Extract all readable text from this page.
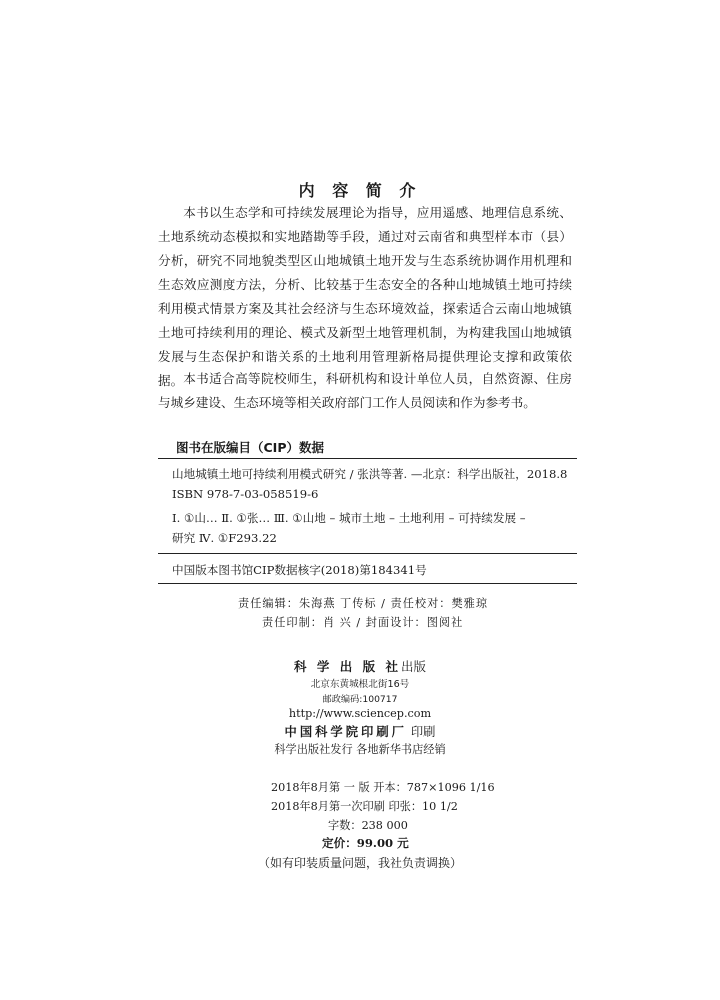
内 容 简 介

本书以生态学和可持续发展理论为指导，应用遥感、地理信息系统、土地系统动态模拟和实地踏勘等手段，通过对云南省和典型样本市（县）分析，研究不同地貌类型区山地城镇土地开发与生态系统协调作用机理和生态效应测度方法，分析、比较基于生态安全的各种山地城镇土地可持续利用模式情景方案及其社会经济与生态环境效益，探索适合云南山地城镇土地可持续利用的理论、模式及新型土地管理机制，为构建我国山地城镇发展与生态保护和谐关系的土地利用管理新格局提供理论支撑和政策依据。 本书适合高等院校师生，科研机构和设计单位人员，自然资源、住房与城乡建设、生态环境等相关政府部门工作人员阅读和作为参考书。

图书在版编目（CIP）数据
山地城镇土地可持续利用模式研究 / 张洪等著. —北京：科学出版社，2018.8
ISBN 978-7-03-058519-6
Ⅰ. ①山… Ⅱ. ①张… Ⅲ. ①山地 – 城市土地 – 土地利用 – 可持续发展 –
研究 Ⅳ. ①F293.22
中国版本图书馆CIP数据核字(2018)第184341号
责任编辑：朱海燕 丁传标 / 责任校对：樊雅琼
责任印制：肖 兴 / 封面设计：图阅社
科 学 出 版 社出版
北京东黄城根北街16号
邮政编码:100717
http://www.sciencep.com
中国科学院印刷厂 印刷
科学出版社发行 各地新华书店经销
2018年8月第 一 版 开本：787×1096 1/16
2018年8月第一次印刷 印张：10 1/2
字数：238 000
定价：99.00 元
（如有印装质量问题，我社负责调换）
